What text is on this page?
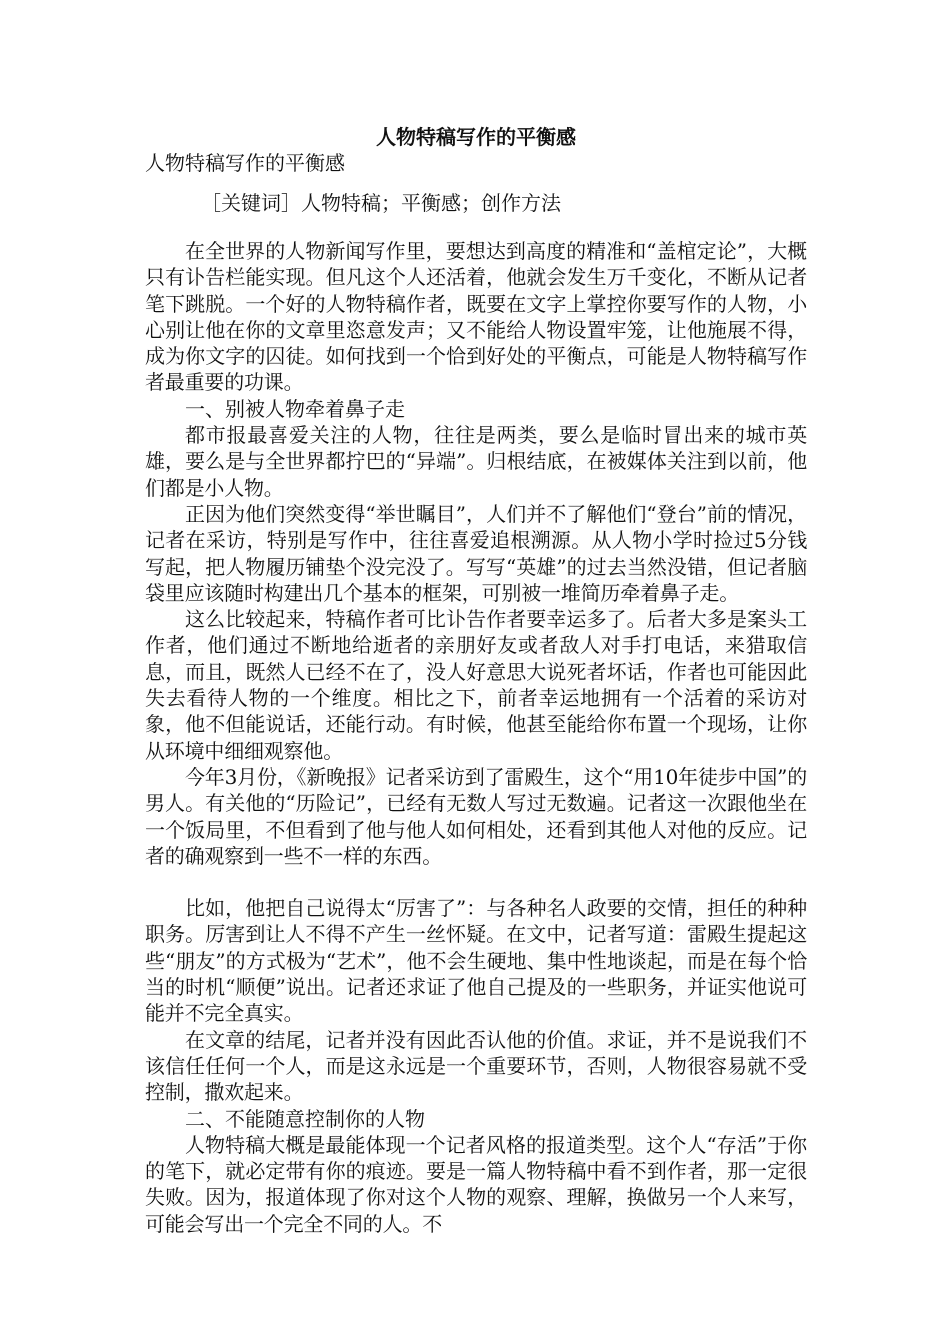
人物特稿写作的平衡感

人物特稿写作的平衡感

［关键词］人物特稿；平衡感；创作方法

在全世界的人物新闻写作里，要想达到高度的精准和“盖棺定论”，大概只有讣告栏能实现。但凡这个人还活着，他就会发生万千变化，不断从记者笔下跳脱。一个好的人物特稿作者，既要在文字上掌控你要写作的人物，小心别让他在你的文章里恣意发声；又不能给人物设置牢笼，让他施展不得，成为你文字的囚徒。如何找到一个恰到好处的平衡点，可能是人物特稿写作者最重要的功课。

一、别被人物牵着鼻子走

都市报最喜爱关注的人物，往往是两类，要么是临时冒出来的城市英雄，要么是与全世界都拧巴的“异端”。归根结底，在被媒体关注到以前，他们都是小人物。

正因为他们突然变得“举世瞩目”，人们并不了解他们“登台”前的情况，记者在采访，特别是写作中，往往喜爱追根溯源。从人物小学时捡过5分钱写起，把人物履历铺垫个没完没了。写写“英雄”的过去当然没错，但记者脑袋里应该随时构建出几个基本的框架，可别被一堆简历牵着鼻子走。

这么比较起来，特稿作者可比讣告作者要幸运多了。后者大多是案头工作者，他们通过不断地给逝者的亲朋好友或者敌人对手打电话，来猎取信息，而且，既然人已经不在了，没人好意思大说死者坏话，作者也可能因此失去看待人物的一个维度。相比之下，前者幸运地拥有一个活着的采访对象，他不但能说话，还能行动。有时候，他甚至能给你布置一个现场，让你从环境中细细观察他。

今年3月份，《新晚报》记者采访到了雷殿生，这个“用10年徒步中国”的男人。有关他的“历险记”，已经有无数人写过无数遍。记者这一次跟他坐在一个饭局里，不但看到了他与他人如何相处，还看到其他人对他的反应。记者的确观察到一些不一样的东西。

比如，他把自己说得太“厉害了”：与各种名人政要的交情，担任的种种职务。厉害到让人不得不产生一丝怀疑。在文中，记者写道：雷殿生提起这些“朋友”的方式极为“艺术”，他不会生硬地、集中性地谈起，而是在每个恰当的时机“顺便”说出。记者还求证了他自己提及的一些职务，并证实他说可能并不完全真实。

在文章的结尾，记者并没有因此否认他的价值。求证，并不是说我们不该信任任何一个人，而是这永远是一个重要环节，否则，人物很容易就不受控制，撒欢起来。

二、不能随意控制你的人物

人物特稿大概是最能体现一个记者风格的报道类型。这个人“存活”于你的笔下，就必定带有你的痕迹。要是一篇人物特稿中看不到作者，那一定很失败。因为，报道体现了你对这个人物的观察、理解，换做另一个人来写，可能会写出一个完全不同的人。不
